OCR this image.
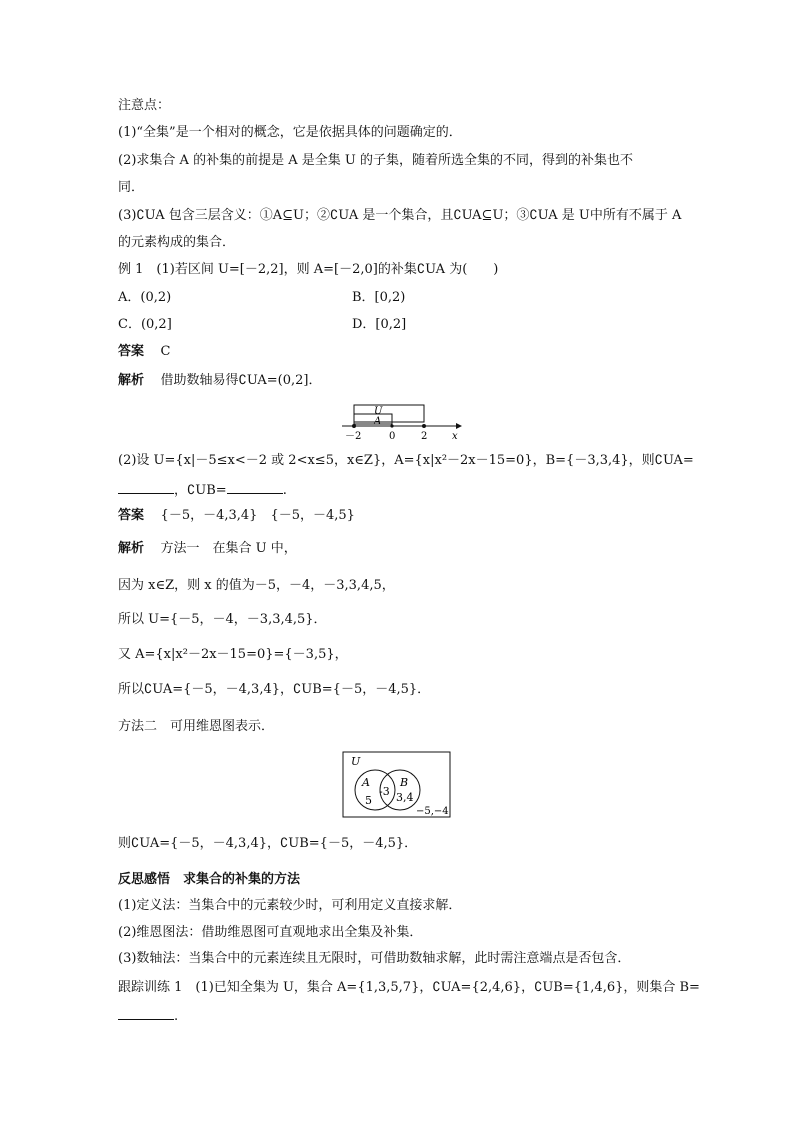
注意点：
(1)“全集”是一个相对的概念，它是依据具体的问题确定的．
(2)求集合 A 的补集的前提是 A 是全集 U 的子集，随着所选全集的不同，得到的补集也不
同．
(3)∁UA 包含三层含义：①A⊆U；②∁UA 是一个集合，且∁UA⊆U；③∁UA 是 U中所有不属于 A
的元素构成的集合．
例 1　(1)若区间 U=[－2,2]，则 A=[－2,0]的补集∁UA 为(　　)
A．(0,2)	B．[0,2)
C．(0,2]	D．[0,2]
答案 C
解析 借助数轴易得∁UA=(0,2]．
U
A
－2	0	2 x
(2)设 U={x|－5≤x<－2 或 2<x≤5，x∈Z}，A={x|x²－2x－15=0}，B={－3,3,4}，则∁UA=
，∁UB=	.
答案 {－5，－4,3,4}　{－5，－4,5}
解析 方法一　在集合 U 中，
因为 x∈Z，则 x 的值为－5，－4，－3,3,4,5，
所以 U={－5，－4，－3,3,4,5}．
又 A={x|x²－2x－15=0}={－3,5}，
所以∁UA={－5，－4,3,4}，∁UB={－5，－4,5}．
方法二　可用维恩图表示．
U
A	B
5
-3 3,4
−5,−4
则∁UA={－5，－4,3,4}，∁UB={－5，－4,5}．
反思感悟　求集合的补集的方法
(1)定义法：当集合中的元素较少时，可利用定义直接求解．
(2)维恩图法：借助维恩图可直观地求出全集及补集．
(3)数轴法：当集合中的元素连续且无限时，可借助数轴求解，此时需注意端点是否包含．
跟踪训练 1　(1)已知全集为 U，集合 A={1,3,5,7}，∁UA={2,4,6}，∁UB={1,4,6}，则集合 B=
.
